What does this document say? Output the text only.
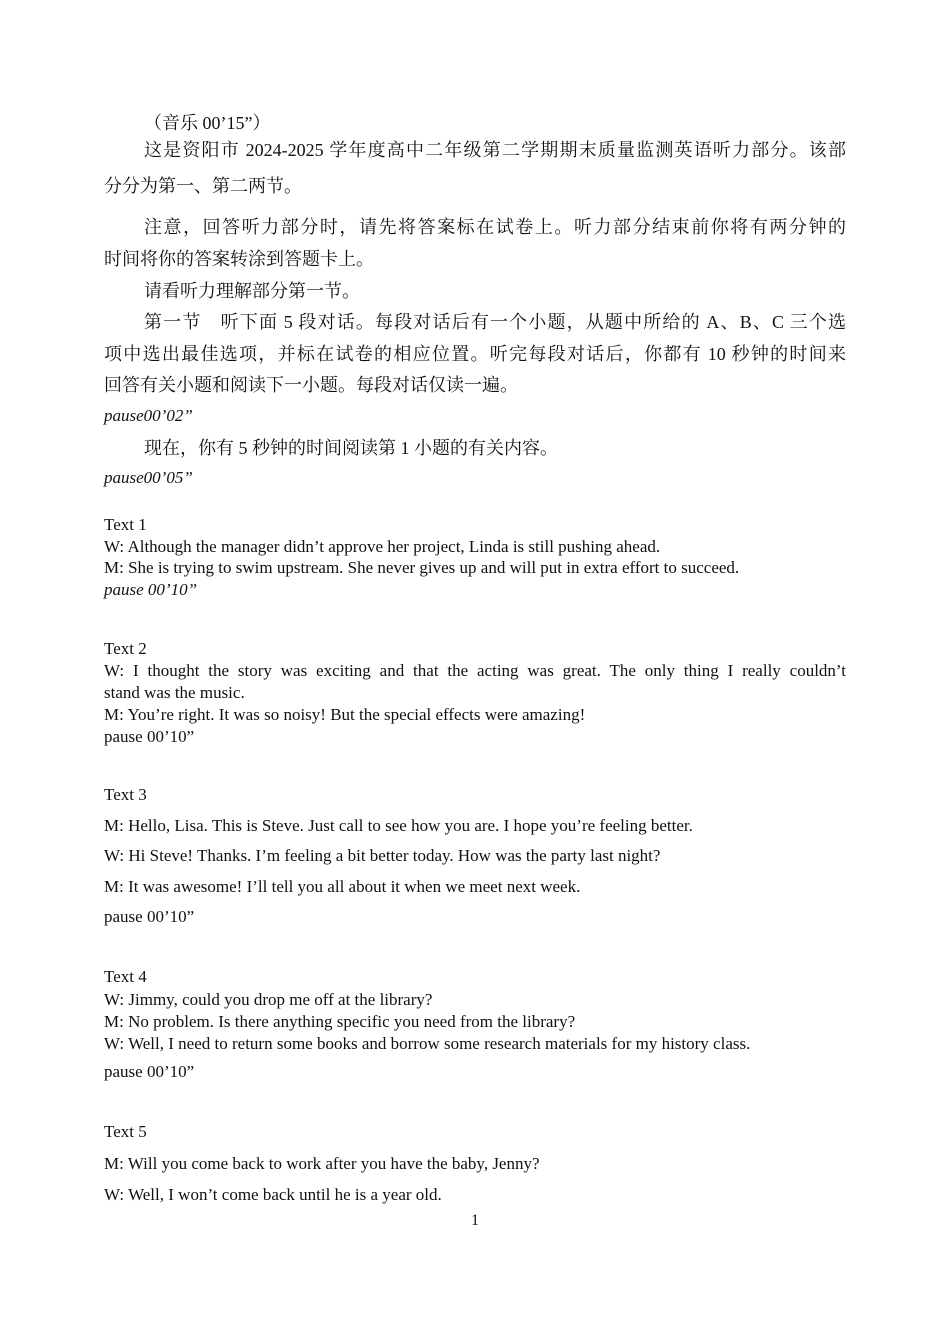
（音乐 00’15”）
这是资阳市 2024-2025 学年度高中二年级第二学期期末质量监测英语听力部分。该部
分分为第一、第二两节。
注意，回答听力部分时，请先将答案标在试卷上。听力部分结束前你将有两分钟的
时间将你的答案转涂到答题卡上。
请看听力理解部分第一节。
第一节　听下面 5 段对话。每段对话后有一个小题，从题中所给的 A、B、C 三个选
项中选出最佳选项，并标在试卷的相应位置。听完每段对话后，你都有 10 秒钟的时间来
回答有关小题和阅读下一小题。每段对话仅读一遍。
pause00’02”
现在，你有 5 秒钟的时间阅读第 1 小题的有关内容。
pause00’05”
Text 1
W: Although the manager didn’t approve her project, Linda is still pushing ahead.
M: She is trying to swim upstream. She never gives up and will put in extra effort to succeed.
pause 00’10”
Text 2
W: I thought the story was exciting and that the acting was great. The only thing I really couldn’t
stand was the music.
M: You’re right. It was so noisy! But the special effects were amazing!
pause 00’10”
Text 3
M: Hello, Lisa. This is Steve. Just call to see how you are. I hope you’re feeling better.
W: Hi Steve! Thanks. I’m feeling a bit better today. How was the party last night?
M: It was awesome! I’ll tell you all about it when we meet next week.
pause 00’10”
Text 4
W: Jimmy, could you drop me off at the library?
M: No problem. Is there anything specific you need from the library?
W: Well, I need to return some books and borrow some research materials for my history class.
pause 00’10”
Text 5
M: Will you come back to work after you have the baby, Jenny?
W: Well, I won’t come back until he is a year old.
1
